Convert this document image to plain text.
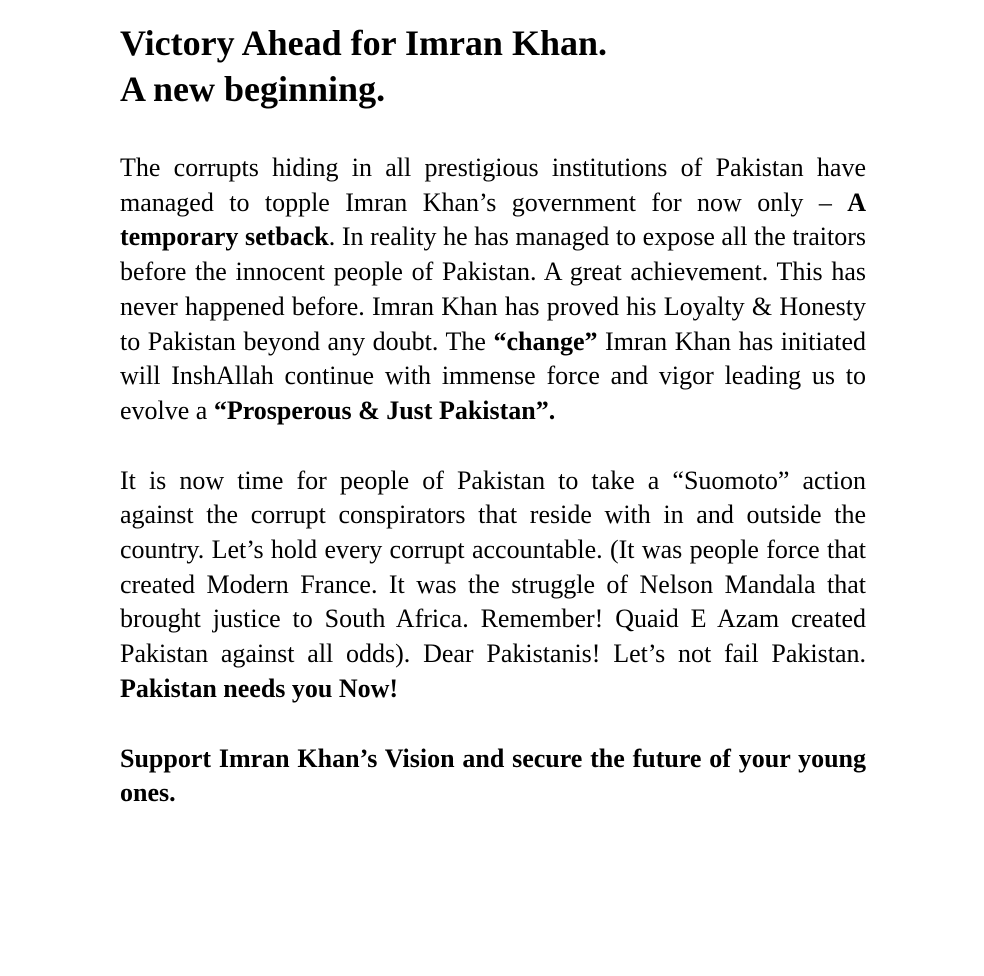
Victory Ahead for Imran Khan.
A new beginning.

The corrupts hiding in all prestigious institutions of Pakistan have managed to topple Imran Khan’s government for now only – A temporary setback. In reality he has managed to expose all the traitors before the innocent people of Pakistan. A great achievement. This has never happened before. Imran Khan has proved his Loyalty & Honesty to Pakistan beyond any doubt. The “change” Imran Khan has initiated will InshAllah continue with immense force and vigor leading us to evolve a “Prosperous & Just Pakistan”.

It is now time for people of Pakistan to take a “Suomoto” action against the corrupt conspirators that reside with in and outside the country. Let’s hold every corrupt accountable. (It was people force that created Modern France. It was the struggle of Nelson Mandala that brought justice to South Africa. Remember! Quaid E Azam created Pakistan against all odds). Dear Pakistanis! Let’s not fail Pakistan. Pakistan needs you Now!

Support Imran Khan’s Vision and secure the future of your young ones.
